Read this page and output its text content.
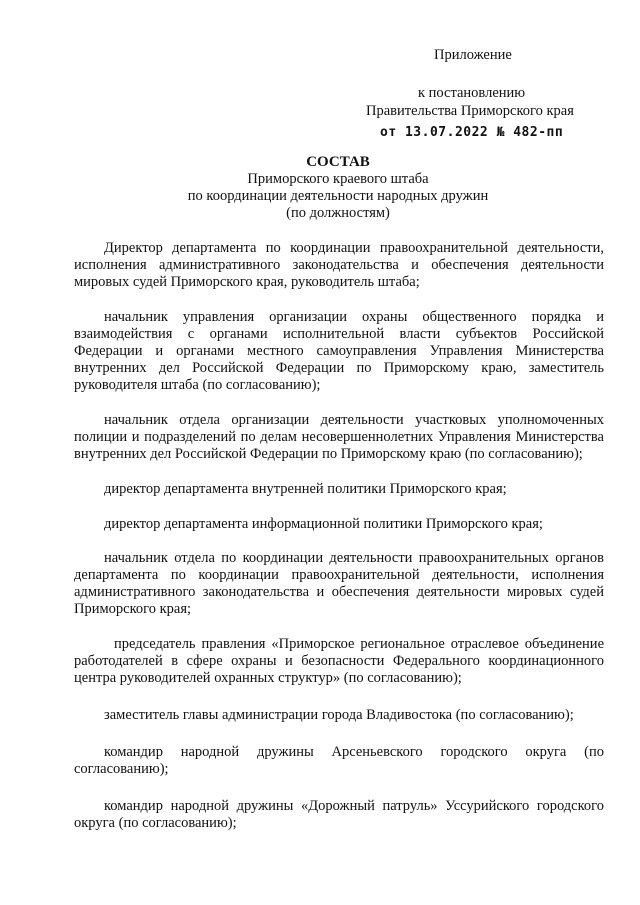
Приложение
к постановлению
Правительства Приморского края
от 13.07.2022 № 482-пп
СОСТАВ
Приморского краевого штаба
по координации деятельности народных дружин
(по должностям)

Директор департамента по координации правоохранительной деятельности, исполнения административного законодательства и обеспечения деятельности мировых судей Приморского края, руководитель штаба;

начальник управления организации охраны общественного порядка и взаимодействия с органами исполнительной власти субъектов Российской Федерации и органами местного самоуправления Управления Министерства внутренних дел Российской Федерации по Приморскому краю, заместитель руководителя штаба (по согласованию);

начальник отдела организации деятельности участковых уполномоченных полиции и подразделений по делам несовершеннолетних Управления Министерства внутренних дел Российской Федерации по Приморскому краю (по согласованию);

директор департамента внутренней политики Приморского края;

директор департамента информационной политики Приморского края;

начальник отдела по координации деятельности правоохранительных органов департамента по координации правоохранительной деятельности, исполнения административного законодательства и обеспечения деятельности мировых судей Приморского края;

председатель правления «Приморское региональное отраслевое объединение работодателей в сфере охраны и безопасности Федерального координационного центра руководителей охранных структур» (по согласованию);

заместитель главы администрации города Владивостока (по согласованию);

командир народной дружины Арсеньевского городского округа (по согласованию);

командир народной дружины «Дорожный патруль» Уссурийского городского округа (по согласованию);
